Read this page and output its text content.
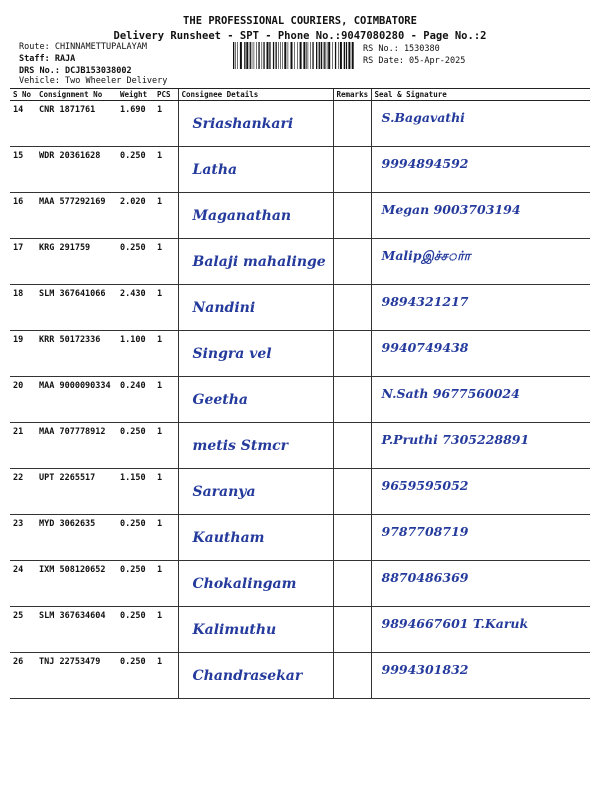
THE PROFESSIONAL COURIERS, COIMBATORE
Delivery Runsheet - SPT - Phone No.:9047080280 - Page No.:2
Route: CHINNAMETTUPALAYAM
Staff: RAJA
DRS No.: DCJB153038002
Vehicle: Two Wheeler Delivery
RS No.: 1530380
RS Date: 05-Apr-2025
S No	Consignment No	Weight	PCS	Consignee Details	Remarks	Seal & Signature
14	CNR 1871761	1.690	1	Sriashankari		S.Bagavathi

15	WDR 20361628	0.250	1	Latha		9994894592

16	MAA 577292169	2.020	1	Maganathan		Megan 9003703194

17	KRG 291759	0.250	1	Balaji mahalinge		Malipஇச்சர்ா

18	SLM 367641066	2.430	1	Nandini		9894321217

19	KRR 50172336	1.100	1	Singra vel		9940749438

20	MAA 9000090334	0.240	1	Geetha		N.Sath 9677560024

21	MAA 707778912	0.250	1	metis Stmcr		P.Pruthi 7305228891

22	UPT 2265517	1.150	1	Saranya		9659595052

23	MYD 3062635	0.250	1	Kautham		9787708719

24	IXM 508120652	0.250	1	Chokalingam		8870486369

25	SLM 367634604	0.250	1	Kalimuthu		9894667601 T.Karuk

26	TNJ 22753479	0.250	1	Chandrasekar		9994301832
